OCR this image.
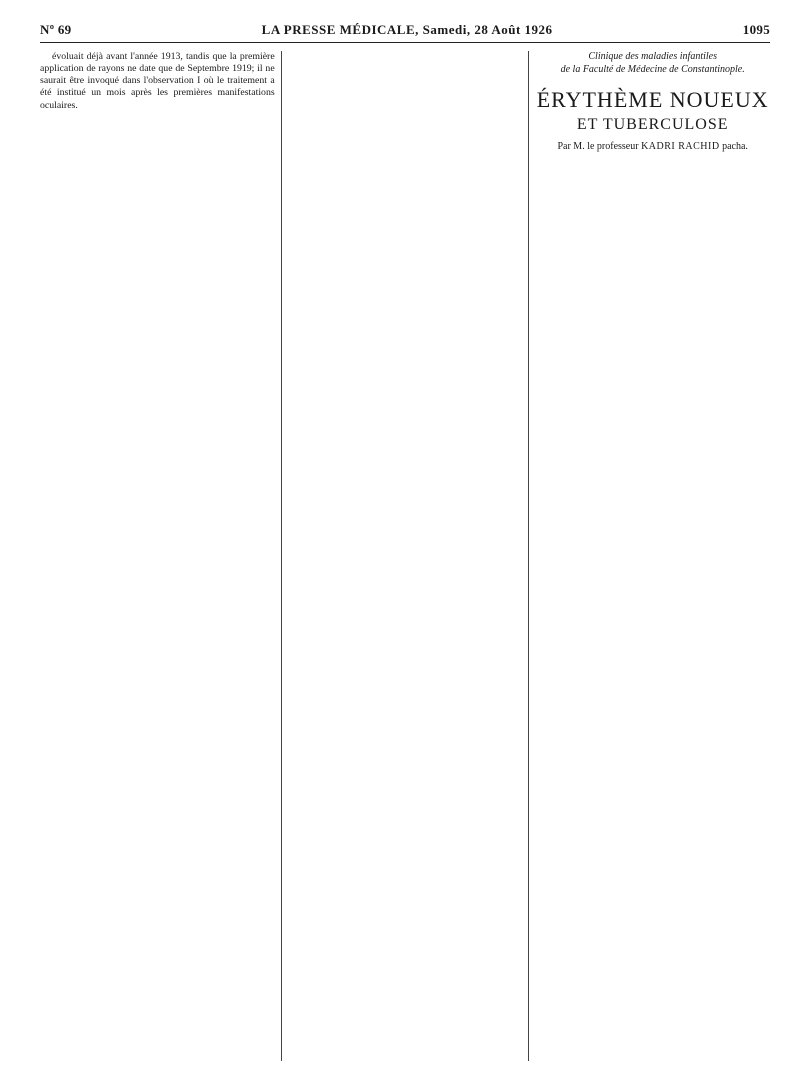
Nº 69	LA PRESSE MÉDICALE, Samedi, 28 Août 1926	1095

évoluait déjà avant l'année 1913, tandis que la première application de rayons ne date que de Septembre 1919; il ne saurait être invoqué dans l'observation I où le traitement a été institué un mois après les premières manifestations oculaires.

Clinique des maladies infantiles
de la Faculté de Médecine de Constantinople.
ÉRYTHÈME NOUEUX
ET TUBERCULOSE
Par M. le professeur KADRI RACHID pacha.
